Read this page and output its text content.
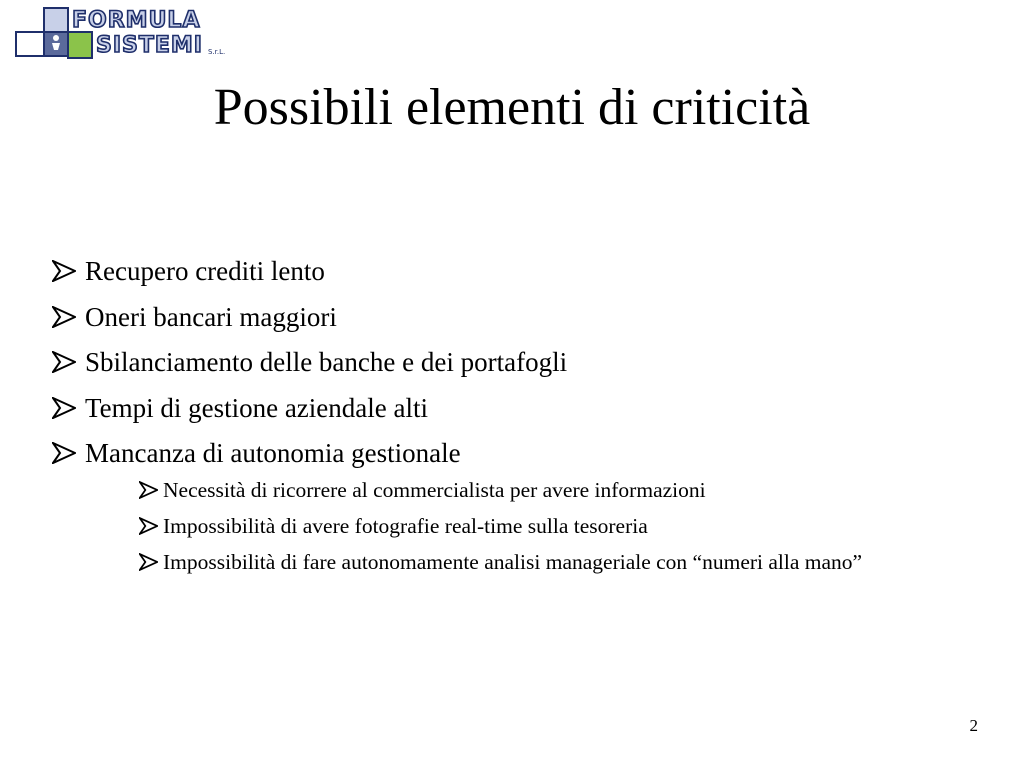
FORMULA
SISTEMI S.r.L.
Possibili elementi di criticità
Recupero crediti lento
Oneri bancari maggiori
Sbilanciamento delle banche e dei portafogli
Tempi di gestione aziendale alti
Mancanza di autonomia gestionale
Necessità di ricorrere al commercialista per avere informazioni
Impossibilità di avere fotografie real-time sulla tesoreria
Impossibilità di fare autonomamente analisi manageriale con “numeri alla mano”
2
